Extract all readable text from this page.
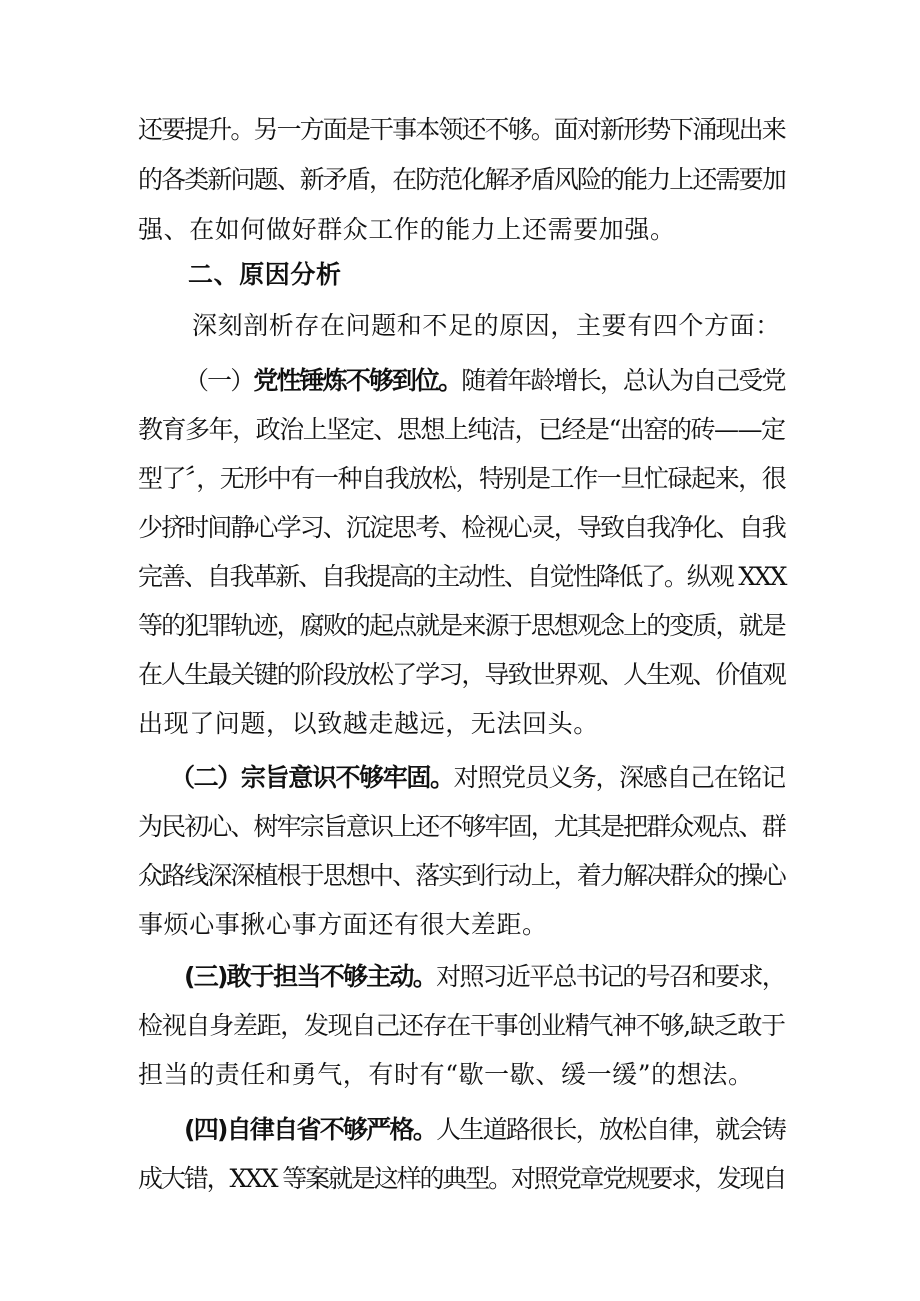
还要提升。另一方面是干事本领还不够。面对新形势下涌现出来
的各类新问题、新矛盾，在防范化解矛盾风险的能力上还需要加
强、在如何做好群众工作的能力上还需要加强。
二、原因分析
深刻剖析存在问题和不足的原因，主要有四个方面：
（一）党性锤炼不够到位。随着年龄增长，总认为自己受党
教育多年，政治上坚定、思想上纯洁，已经是“出窑的砖——定
型了〞，无形中有一种自我放松，特别是工作一旦忙碌起来，很
少挤时间静心学习、沉淀思考、检视心灵，导致自我净化、自我
完善、自我革新、自我提高的主动性、自觉性降低了。纵观 XXX
等的犯罪轨迹，腐败的起点就是来源于思想观念上的变质，就是
在人生最关键的阶段放松了学习，导致世界观、人生观、价值观
出现了问题，以致越走越远，无法回头。
（二）宗旨意识不够牢固。对照党员义务，深感自己在铭记
为民初心、树牢宗旨意识上还不够牢固，尤其是把群众观点、群
众路线深深植根于思想中、落实到行动上，着力解决群众的操心
事烦心事揪心事方面还有很大差距。
(三)敢于担当不够主动。对照习近平总书记的号召和要求，
检视自身差距，发现自己还存在干事创业精气神不够,缺乏敢于
担当的责任和勇气，有时有“歇一歇、缓一缓”的想法。
(四)自律自省不够严格。人生道路很长，放松自律，就会铸
成大错，XXX 等案就是这样的典型。对照党章党规要求，发现自
